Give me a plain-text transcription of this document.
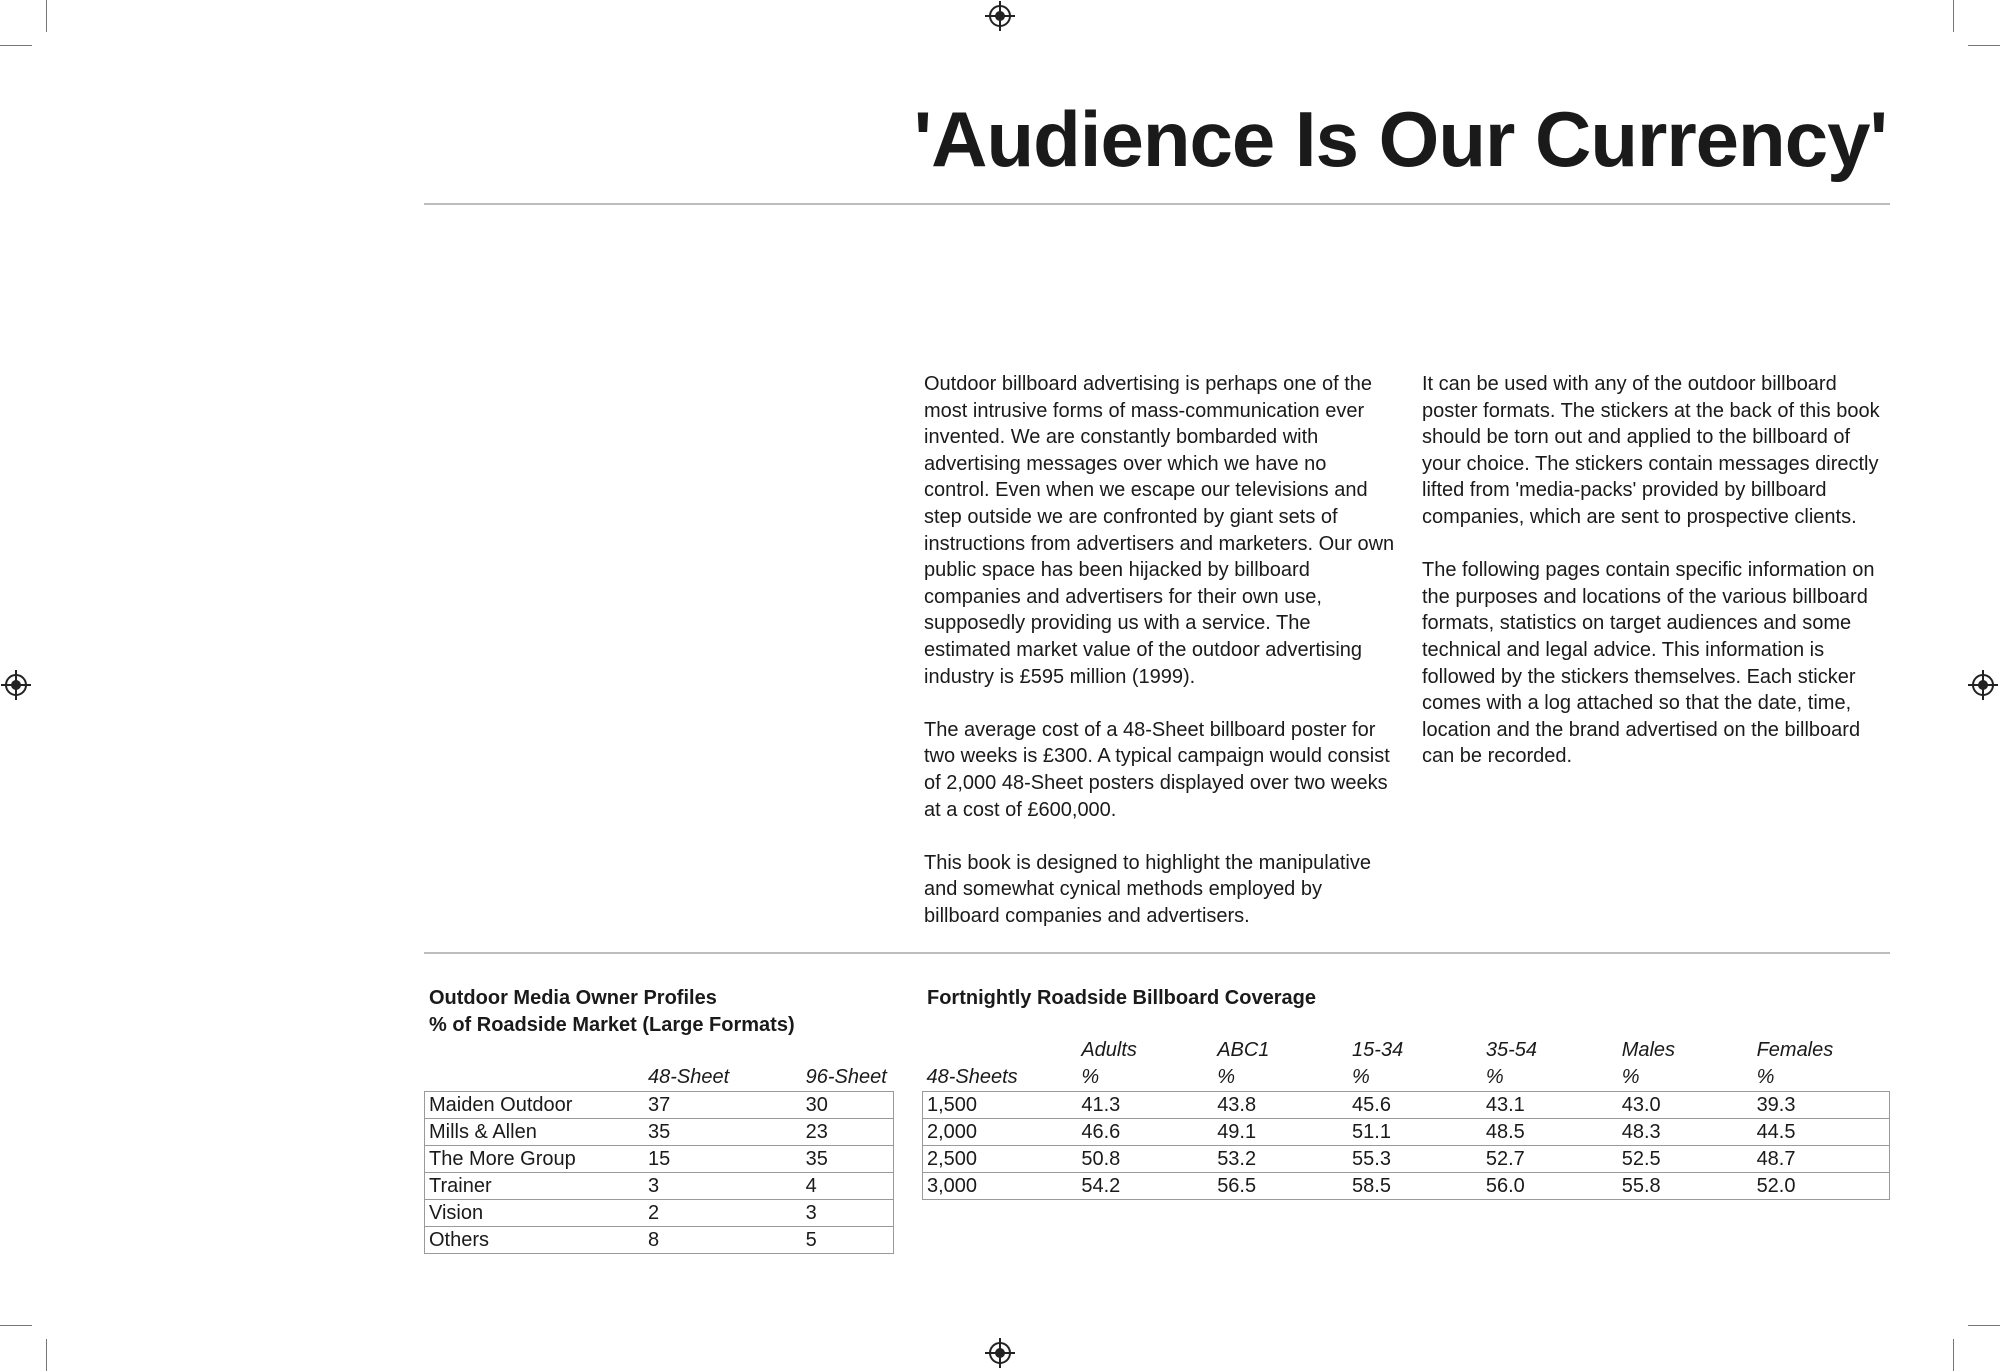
'Audience Is Our Currency'

Outdoor billboard advertising is perhaps one of the most intrusive forms of mass-communication ever invented. We are constantly bombarded with advertising messages over which we have no control. Even when we escape our televisions and step outside we are confronted by giant sets of instructions from advertisers and marketers. Our own public space has been hijacked by billboard companies and advertisers for their own use, supposedly providing us with a service. The estimated market value of the outdoor advertising industry is £595 million (1999).

The average cost of a 48-Sheet billboard poster for two weeks is £300. A typical campaign would consist of 2,000 48-Sheet posters displayed over two weeks at a cost of £600,000.

This book is designed to highlight the manipulative and somewhat cynical methods employed by billboard companies and advertisers.

It can be used with any of the outdoor billboard poster formats. The stickers at the back of this book should be torn out and applied to the billboard of your choice. The stickers contain messages directly lifted from 'media-packs' provided by billboard companies, which are sent to prospective clients.

The following pages contain specific information on the purposes and locations of the various billboard formats, statistics on target audiences and some technical and legal advice. This information is followed by the stickers themselves. Each sticker comes with a log attached so that the date, time, location and the brand advertised on the billboard can be recorded.

Outdoor Media Owner Profiles
% of Roadside Market (Large Formats)
	48-Sheet	96-Sheet
Maiden Outdoor	37	30
Mills & Allen	35	23
The More Group	15	35
Trainer	3	4
Vision	2	3
Others	8	5
Fortnightly Roadside Billboard Coverage
	Adults	ABC1	15-34	35-54	Males	Females
48-Sheets	%	%	%	%	%	%
1,500	41.3	43.8	45.6	43.1	43.0	39.3
2,000	46.6	49.1	51.1	48.5	48.3	44.5
2,500	50.8	53.2	55.3	52.7	52.5	48.7
3,000	54.2	56.5	58.5	56.0	55.8	52.0
